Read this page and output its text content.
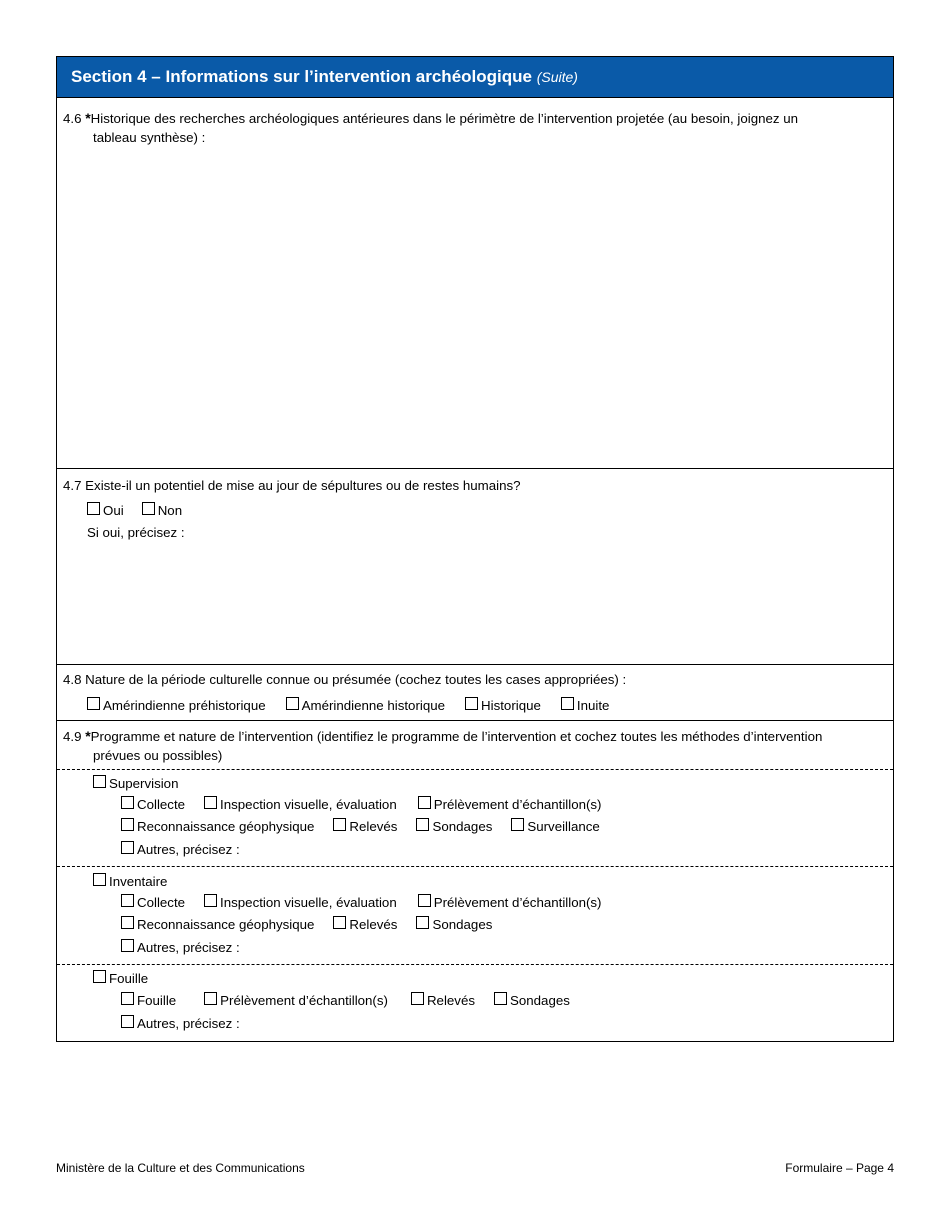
Section 4 – Informations sur l’intervention archéologique (Suite)
4.6 *Historique des recherches archéologiques antérieures dans le périmètre de l’intervention projetée (au besoin, joignez un
tableau synthèse) :
4.7 Existe-il un potentiel de mise au jour de sépultures ou de restes humains?
Oui	Non
Si oui, précisez :
4.8 Nature de la période culturelle connue ou présumée (cochez toutes les cases appropriées) :
Amérindienne préhistorique	Amérindienne historique	Historique	Inuite
4.9 *Programme et nature de l’intervention (identifiez le programme de l’intervention et cochez toutes les méthodes d’intervention
prévues ou possibles)
Supervision
Collecte	Inspection visuelle, évaluation	Prélèvement d’échantillon(s)
Reconnaissance géophysique	Relevés	Sondages	Surveillance
Autres, précisez :
Inventaire
Collecte	Inspection visuelle, évaluation	Prélèvement d’échantillon(s)
Reconnaissance géophysique	Relevés	Sondages
Autres, précisez :
Fouille
Fouille	Prélèvement d’échantillon(s)	Relevés	Sondages
Autres, précisez :
Ministère de la Culture et des Communications	Formulaire – Page 4
